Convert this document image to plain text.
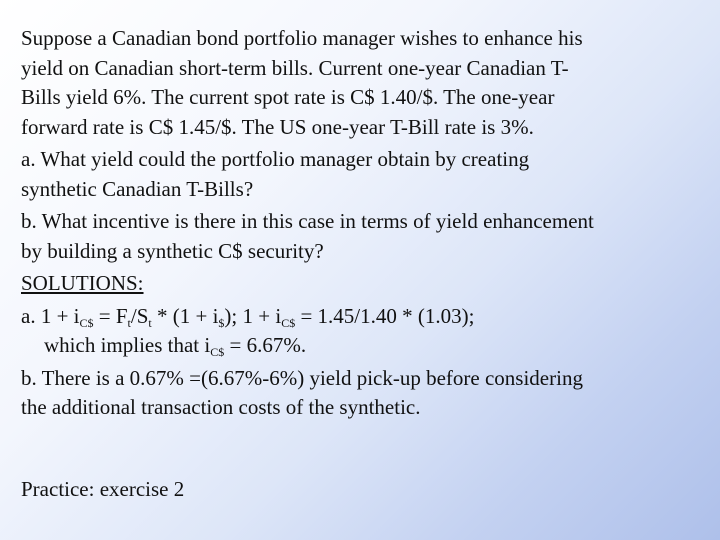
Suppose a Canadian bond portfolio manager wishes to enhance his
yield on Canadian short-term bills. Current one-year Canadian T-
Bills yield 6%. The current spot rate is C$ 1.40/$. The one-year
forward rate is C$ 1.45/$. The US one-year T-Bill rate is 3%.
a. What yield could the portfolio manager obtain by creating
synthetic Canadian T-Bills?
b. What incentive is there in this case in terms of yield enhancement
by building a synthetic C$ security?
SOLUTIONS:
a. $1 + i_{C\$} = F_t/S_t * (1 + i_{\$})$; $1 + i_{C\$} = 1.45/1.40 * (1.03)$;
which implies that $i_{C\$} = 6.67\%$.
b. There is a 0.67% =(6.67%-6%) yield pick-up before considering
the additional transaction costs of the synthetic.
Practice: exercise 2
